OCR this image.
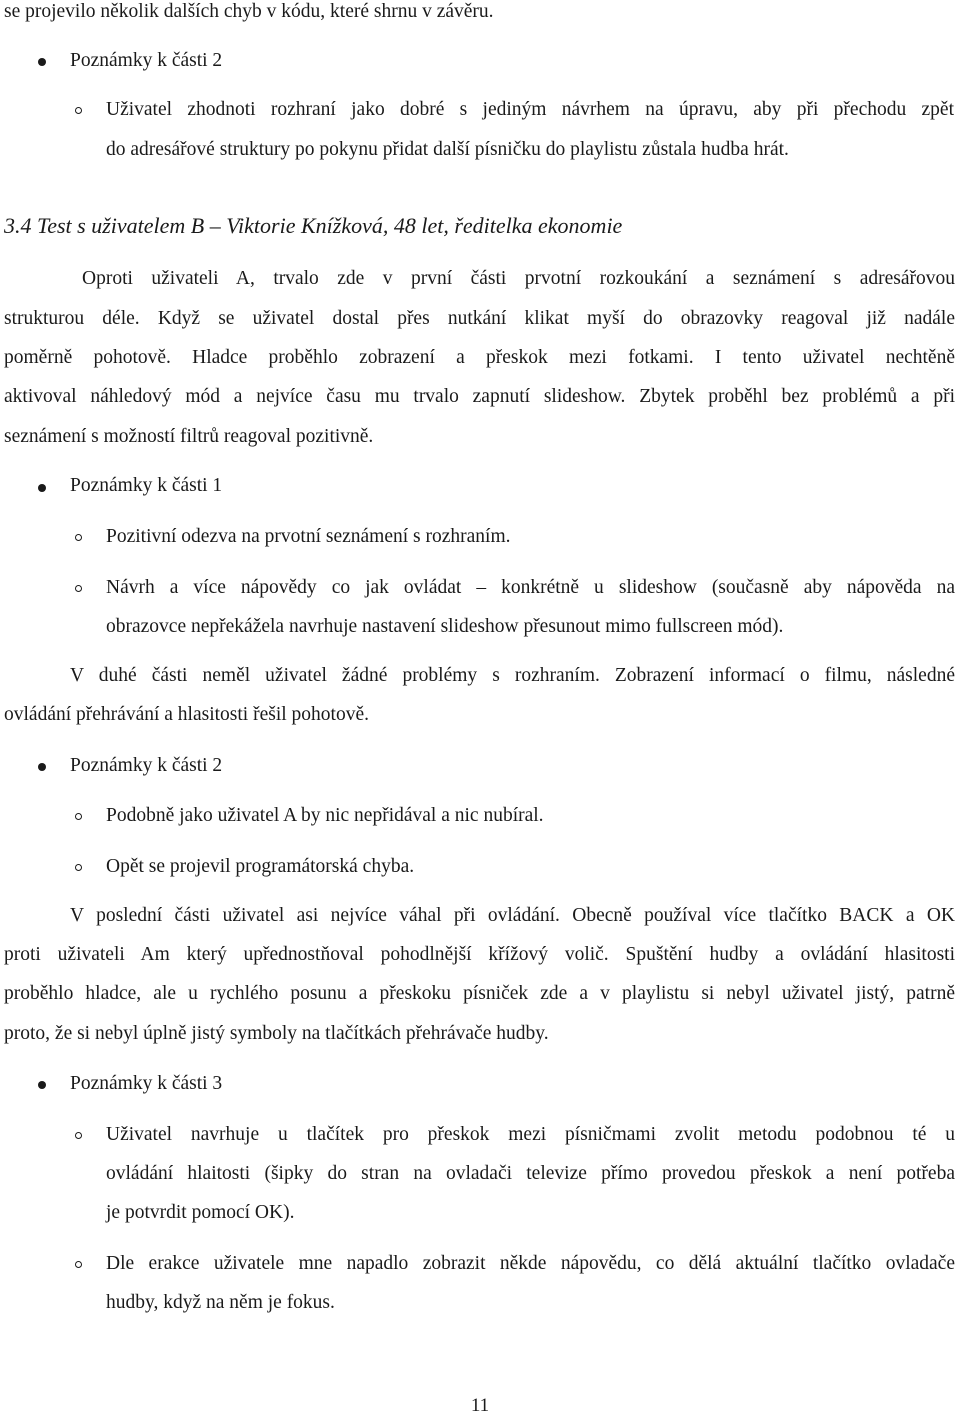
se projevilo několik dalších chyb v kódu, které shrnu v závěru.
Poznámky k části 2
Uživatel zhodnoti rozhraní jako dobré s jediným návrhem na úpravu, aby při přechodu zpět
do adresářové struktury po pokynu přidat další písničku do playlistu zůstala hudba hrát.
3.4 Test s uživatelem B – Viktorie Knížková, 48 let, ředitelka ekonomie
Oproti uživateli A, trvalo zde v první části prvotní rozkoukání a seznámení s adresářovou
strukturou déle. Když se uživatel dostal přes nutkání klikat myší do obrazovky reagoval již nadále
poměrně pohotově. Hladce proběhlo zobrazení a přeskok mezi fotkami. I tento uživatel nechtěně
aktivoval náhledový mód a nejvíce času mu trvalo zapnutí slideshow. Zbytek proběhl bez problémů a při
seznámení s možností filtrů reagoval pozitivně.
Poznámky k části 1
Pozitivní odezva na prvotní seznámení s rozhraním.
Návrh a více nápovědy co jak ovládat – konkrétně u slideshow (současně aby nápověda na
obrazovce nepřekážela navrhuje nastavení slideshow přesunout mimo fullscreen mód).
V duhé části neměl uživatel žádné problémy s rozhraním. Zobrazení informací o filmu, následné
ovládání přehrávání a hlasitosti řešil pohotově.
Poznámky k části 2
Podobně jako uživatel A by nic nepřidával a nic nubíral.
Opět se projevil programátorská chyba.
V poslední části uživatel asi nejvíce váhal při ovládání. Obecně používal více tlačítko BACK a OK
proti uživateli Am který upřednostňoval pohodlnější křížový volič. Spuštění hudby a ovládání hlasitosti
proběhlo hladce, ale u rychlého posunu a přeskoku písniček zde a v playlistu si nebyl uživatel jistý, patrně
proto, že si nebyl úplně jistý symboly na tlačítkách přehrávače hudby.
Poznámky k části 3
Uživatel navrhuje u tlačítek pro přeskok mezi písničmami zvolit metodu podobnou té u
ovládání hlaitosti (šipky do stran na ovladači televize přímo provedou přeskok a není potřeba
je potvrdit pomocí OK).
Dle erakce uživatele mne napadlo zobrazit někde nápovědu, co dělá aktuální tlačítko ovladače
hudby, když na něm je fokus.
11
